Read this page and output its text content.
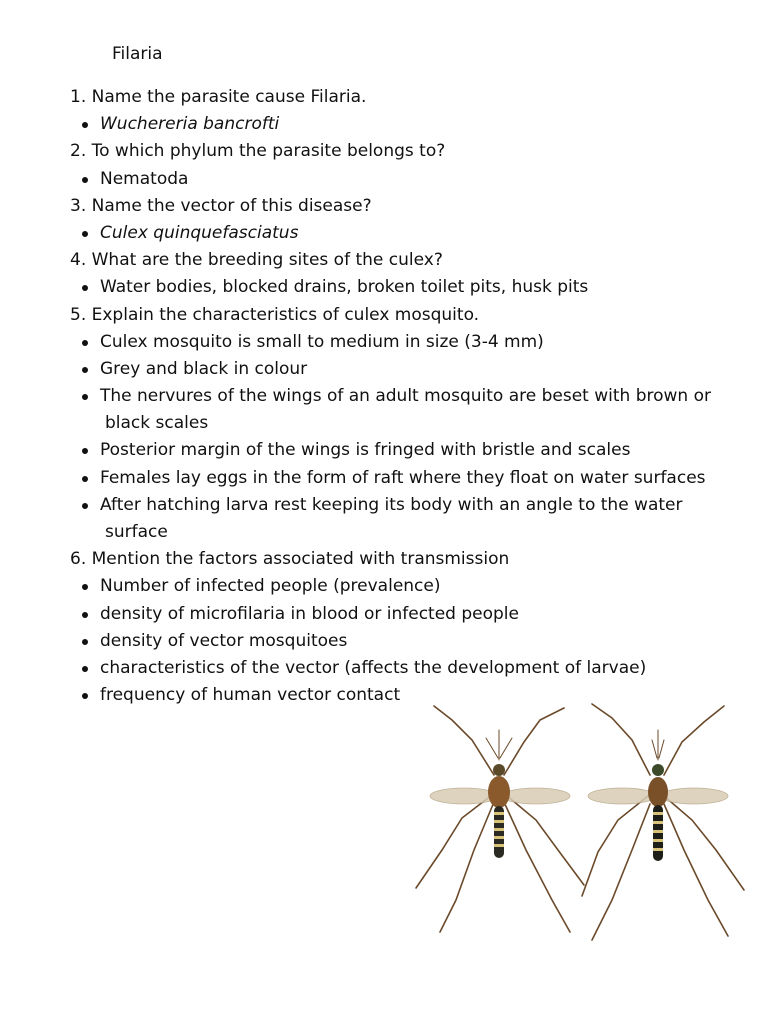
Filaria
1. Name the parasite cause Filaria.
Wuchereria bancrofti
2. To which phylum the parasite belongs to?
Nematoda
3. Name the vector of this disease?
Culex quinquefasciatus
4. What are the breeding sites of the culex?
Water bodies, blocked drains, broken toilet pits, husk pits
5. Explain the characteristics of culex mosquito.
Culex mosquito is small to medium in size (3-4 mm)
Grey and black in colour
The nervures of the wings of an adult mosquito are beset with brown or
black scales
Posterior margin of the wings is fringed with bristle and scales
Females lay eggs in the form of raft where they float on water surfaces
After hatching larva rest keeping its body with an angle to the water
surface
6. Mention the factors associated with transmission
Number of infected people (prevalence)
density of microfilaria in blood or infected people
density of vector mosquitoes
characteristics of the vector (affects the development of larvae)
frequency of human vector contact
